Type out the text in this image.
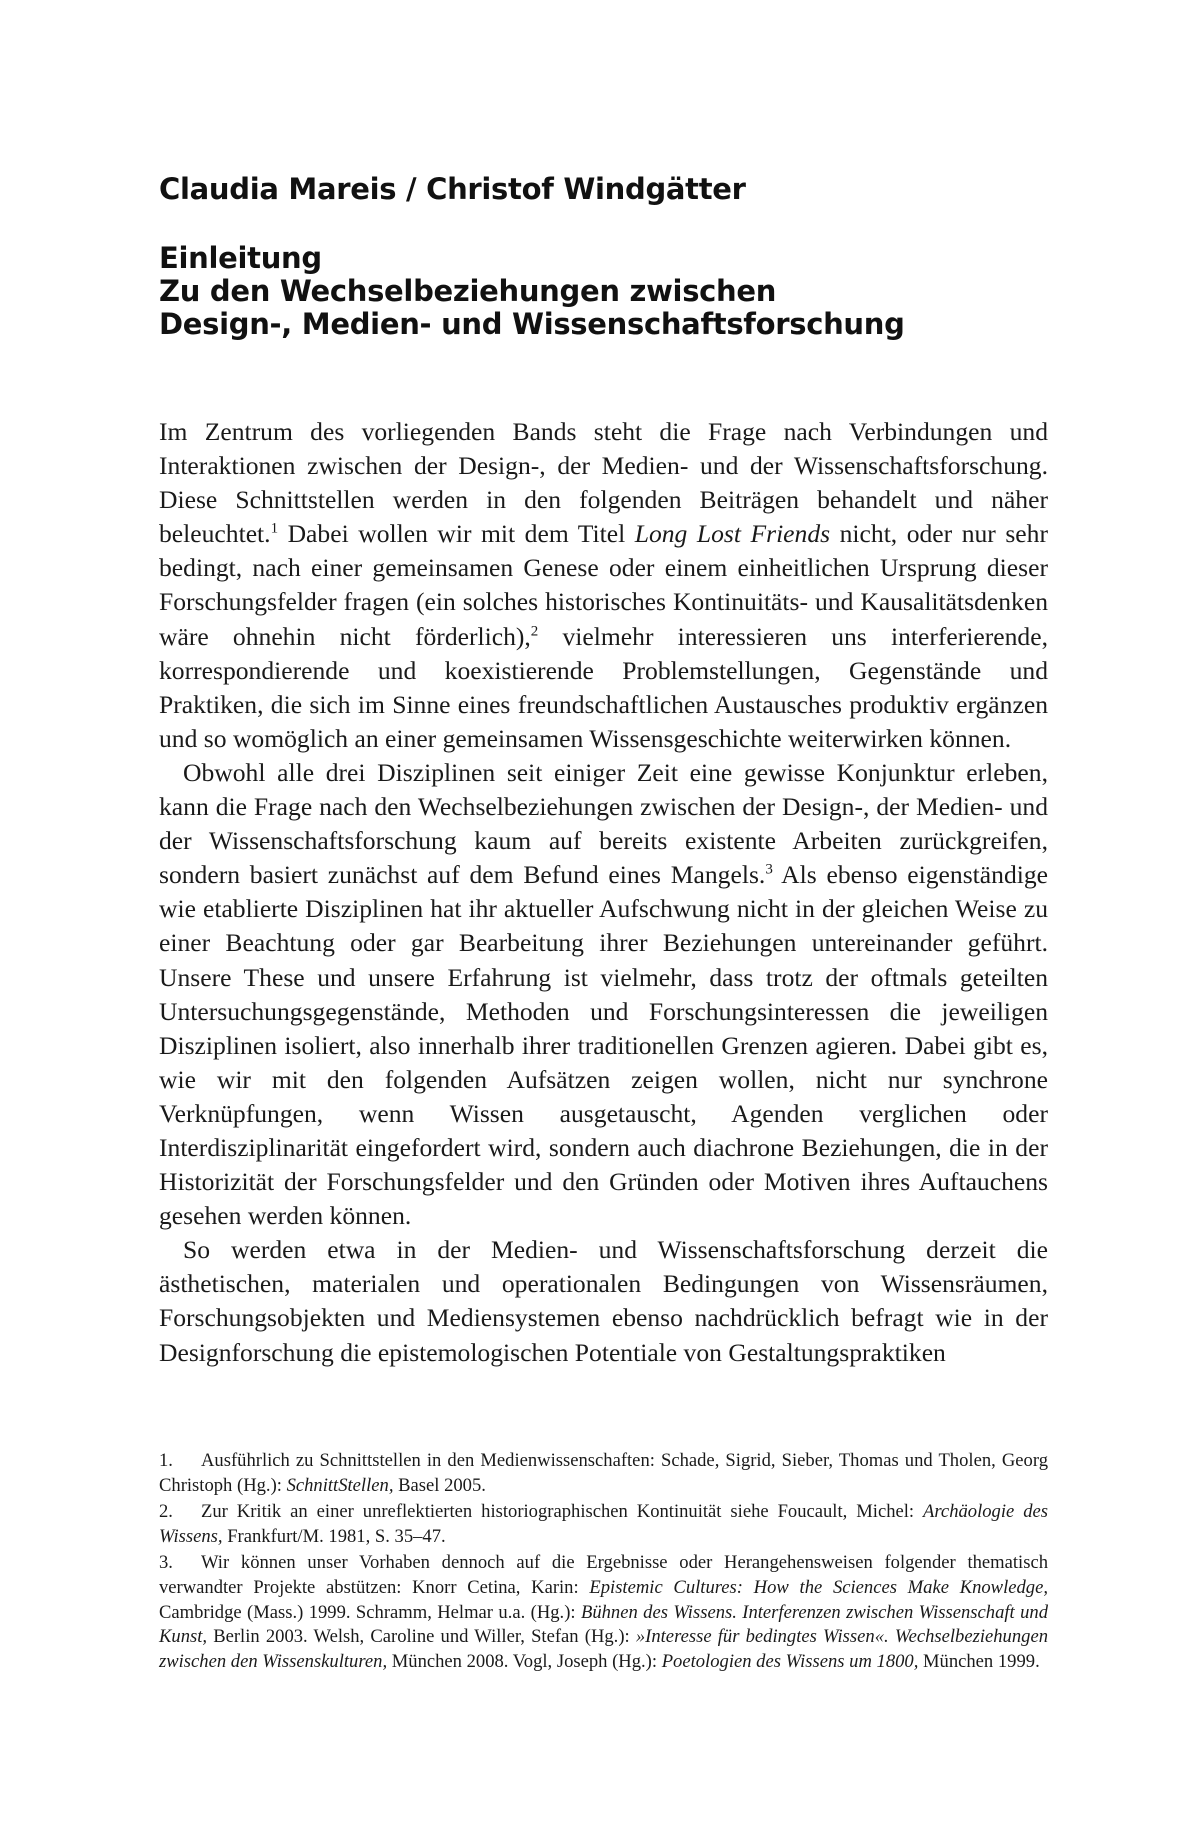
Claudia Mareis / Christof Windgätter
Einleitung
Zu den Wechselbeziehungen zwischen
Design-, Medien- und Wissenschaftsforschung

Im Zentrum des vorliegenden Bands steht die Frage nach Verbindungen und Interaktionen zwischen der Design-, der Medien- und der Wissenschaftsforschung. Diese Schnittstellen werden in den folgenden Beiträgen behandelt und näher beleuchtet.$^1$ Dabei wollen wir mit dem Titel Long Lost Friends nicht, oder nur sehr bedingt, nach einer gemeinsamen Genese oder einem einheitlichen Ursprung dieser Forschungsfelder fragen (ein solches historisches Kontinuitäts- und Kausalitätsdenken wäre ohnehin nicht förderlich),$^2$ vielmehr interessieren uns interferierende, korrespondierende und koexistierende Problemstellungen, Gegenstände und Praktiken, die sich im Sinne eines freundschaftlichen Austausches produktiv ergänzen und so womöglich an einer gemeinsamen Wissensgeschichte weiterwirken können.

Obwohl alle drei Disziplinen seit einiger Zeit eine gewisse Konjunktur erleben, kann die Frage nach den Wechselbeziehungen zwischen der Design-, der Medien- und der Wissenschaftsforschung kaum auf bereits existente Arbeiten zurückgreifen, sondern basiert zunächst auf dem Befund eines Mangels.$^3$ Als ebenso eigenständige wie etablierte Disziplinen hat ihr aktueller Aufschwung nicht in der gleichen Weise zu einer Beachtung oder gar Bearbeitung ihrer Beziehungen untereinander geführt. Unsere These und unsere Erfahrung ist vielmehr, dass trotz der oftmals geteilten Untersuchungsgegenstände, Methoden und Forschungsinteressen die jeweiligen Disziplinen isoliert, also innerhalb ihrer traditionellen Grenzen agieren. Dabei gibt es, wie wir mit den folgenden Aufsätzen zeigen wollen, nicht nur synchrone Verknüpfungen, wenn Wissen ausgetauscht, Agenden verglichen oder Interdisziplinarität eingefordert wird, sondern auch diachrone Beziehungen, die in der Historizität der Forschungsfelder und den Gründen oder Motiven ihres Auftauchens gesehen werden können.

So werden etwa in der Medien- und Wissenschaftsforschung derzeit die ästhetischen, materialen und operationalen Bedingungen von Wissensräumen, Forschungsobjekten und Mediensystemen ebenso nachdrücklich befragt wie in der Designforschung die epistemologischen Potentiale von Gestaltungspraktiken

1. Ausführlich zu Schnittstellen in den Medienwissenschaften: Schade, Sigrid, Sieber, Thomas und Tholen, Georg Christoph (Hg.): SchnittStellen, Basel 2005.

2. Zur Kritik an einer unreflektierten historiographischen Kontinuität siehe Foucault, Michel: Archäologie des Wissens, Frankfurt/M. 1981, S. 35–47.

3. Wir können unser Vorhaben dennoch auf die Ergebnisse oder Herangehensweisen folgender thematisch verwandter Projekte abstützen: Knorr Cetina, Karin: Epistemic Cultures: How the Sciences Make Knowledge, Cambridge (Mass.) 1999. Schramm, Helmar u.a. (Hg.): Bühnen des Wissens. Interferenzen zwischen Wissenschaft und Kunst, Berlin 2003. Welsh, Caroline und Willer, Stefan (Hg.): »Interesse für bedingtes Wissen«. Wechselbeziehungen zwischen den Wissenskulturen, München 2008. Vogl, Joseph (Hg.): Poetologien des Wissens um 1800, München 1999.
